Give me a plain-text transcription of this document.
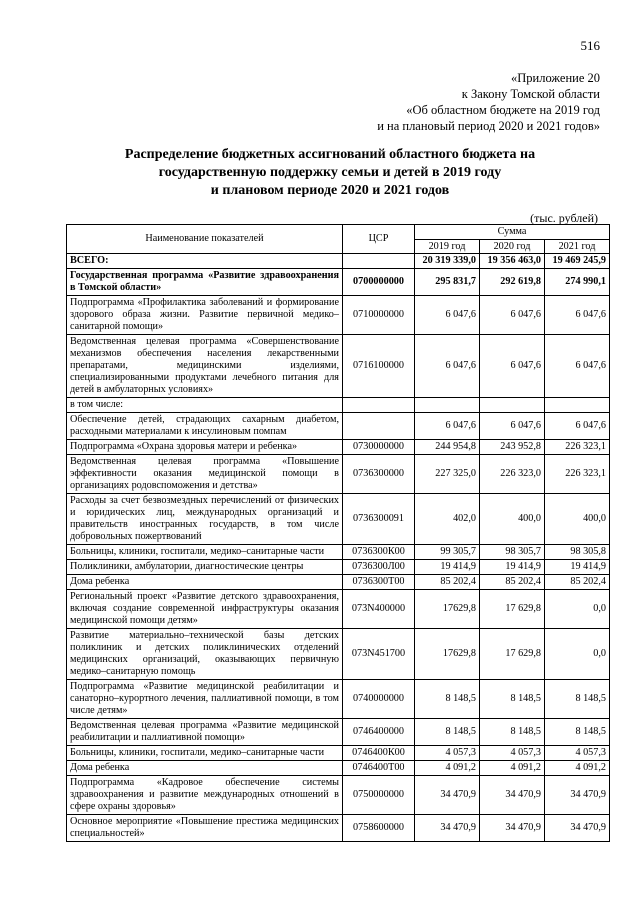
516
«Приложение 20
к Закону Томской области
«Об областном бюджете на 2019 год
и на плановый период 2020 и 2021 годов»
Распределение бюджетных ассигнований областного бюджета на
государственную поддержку семьи и детей в 2019 году
и плановом периоде 2020 и 2021 годов
(тыс. рублей)
Наименование показателей	ЦСР	Сумма		
		2019 год	2020 год	2021 год
ВСЕГО:		20 319 339,0	19 356 463,0	19 469 245,9
Государственная программа «Развитие здравоохранения в Томской области»	0700000000	295 831,7	292 619,8	274 990,1
Подпрограмма «Профилактика заболеваний и формирование здорового образа жизни. Развитие первичной медико–санитарной помощи»	0710000000	6 047,6	6 047,6	6 047,6
Ведомственная целевая программа «Совершенствование механизмов обеспечения населения лекарственными препаратами, медицинскими изделиями, специализированными продуктами лечебного питания для детей в амбулаторных условиях»	0716100000	6 047,6	6 047,6	6 047,6
в том числе:				
Обеспечение детей, страдающих сахарным диабетом, расходными материалами к инсулиновым помпам		6 047,6	6 047,6	6 047,6
Подпрограмма «Охрана здоровья матери и ребенка»	0730000000	244 954,8	243 952,8	226 323,1
Ведомственная целевая программа «Повышение эффективности оказания медицинской помощи в организациях родовспоможения и детства»	0736300000	227 325,0	226 323,0	226 323,1
Расходы за счет безвозмездных перечислений от физических и юридических лиц, международных организаций и правительств иностранных государств, в том числе добровольных пожертвований	0736300091	402,0	400,0	400,0
Больницы, клиники, госпитали, медико–санитарные части	0736300К00	99 305,7	98 305,7	98 305,8
Поликлиники, амбулатории, диагностические центры	0736300Л00	19 414,9	19 414,9	19 414,9
Дома ребенка	0736300Т00	85 202,4	85 202,4	85 202,4
Региональный проект «Развитие детского здравоохранения, включая создание современной инфраструктуры оказания медицинской помощи детям»	073N400000	17629,8	17 629,8	0,0
Развитие материально–технической базы детских поликлиник и детских поликлинических отделений медицинских организаций, оказывающих первичную медико–санитарную помощь	073N451700	17629,8	17 629,8	0,0
Подпрограмма «Развитие медицинской реабилитации и санаторно–курортного лечения, паллиативной помощи, в том числе детям»	0740000000	8 148,5	8 148,5	8 148,5
Ведомственная целевая программа «Развитие медицинской реабилитации и паллиативной помощи»	0746400000	8 148,5	8 148,5	8 148,5
Больницы, клиники, госпитали, медико–санитарные части	0746400К00	4 057,3	4 057,3	4 057,3
Дома ребенка	0746400Т00	4 091,2	4 091,2	4 091,2
Подпрограмма «Кадровое обеспечение системы здравоохранения и развитие международных отношений в сфере охраны здоровья»	0750000000	34 470,9	34 470,9	34 470,9
Основное мероприятие «Повышение престижа медицинских специальностей»	0758600000	34 470,9	34 470,9	34 470,9
